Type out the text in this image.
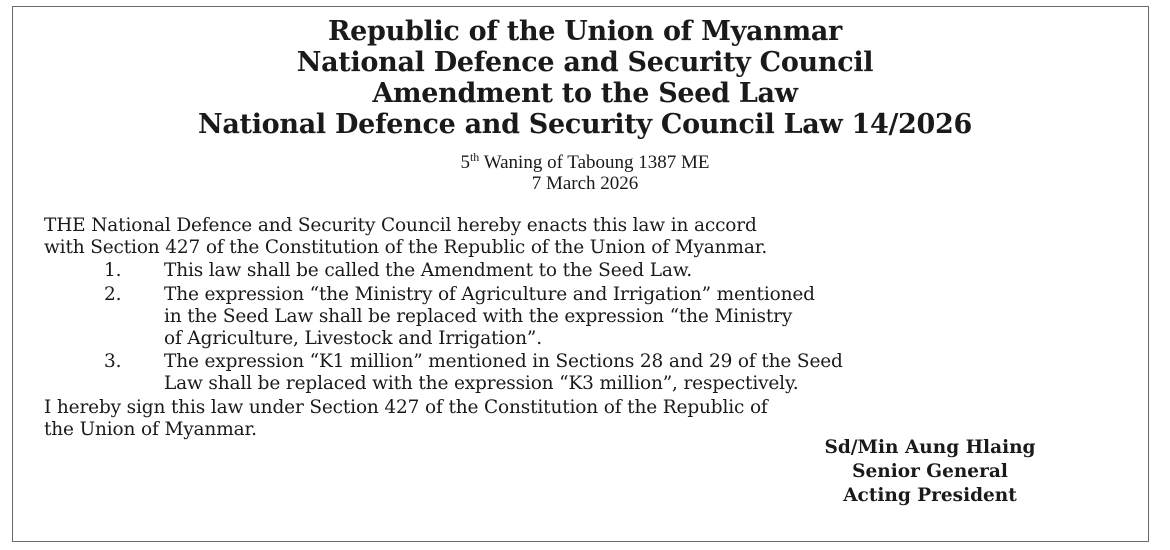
Republic of the Union of Myanmar
National Defence and Security Council
Amendment to the Seed Law
National Defence and Security Council Law 14/2026
5th Waning of Taboung 1387 ME
7 March 2026
THE National Defence and Security Council hereby enacts this law in accord
with Section 427 of the Constitution of the Republic of the Union of Myanmar.
1.	This law shall be called the Amendment to the Seed Law.
2.	The expression “the Ministry of Agriculture and Irrigation” mentioned
in the Seed Law shall be replaced with the expression “the Ministry
of Agriculture, Livestock and Irrigation”.
3.	The expression “K1 million” mentioned in Sections 28 and 29 of the Seed
Law shall be replaced with the expression “K3 million”, respectively.
I hereby sign this law under Section 427 of the Constitution of the Republic of
the Union of Myanmar.
Sd/Min Aung Hlaing
Senior General
Acting President
